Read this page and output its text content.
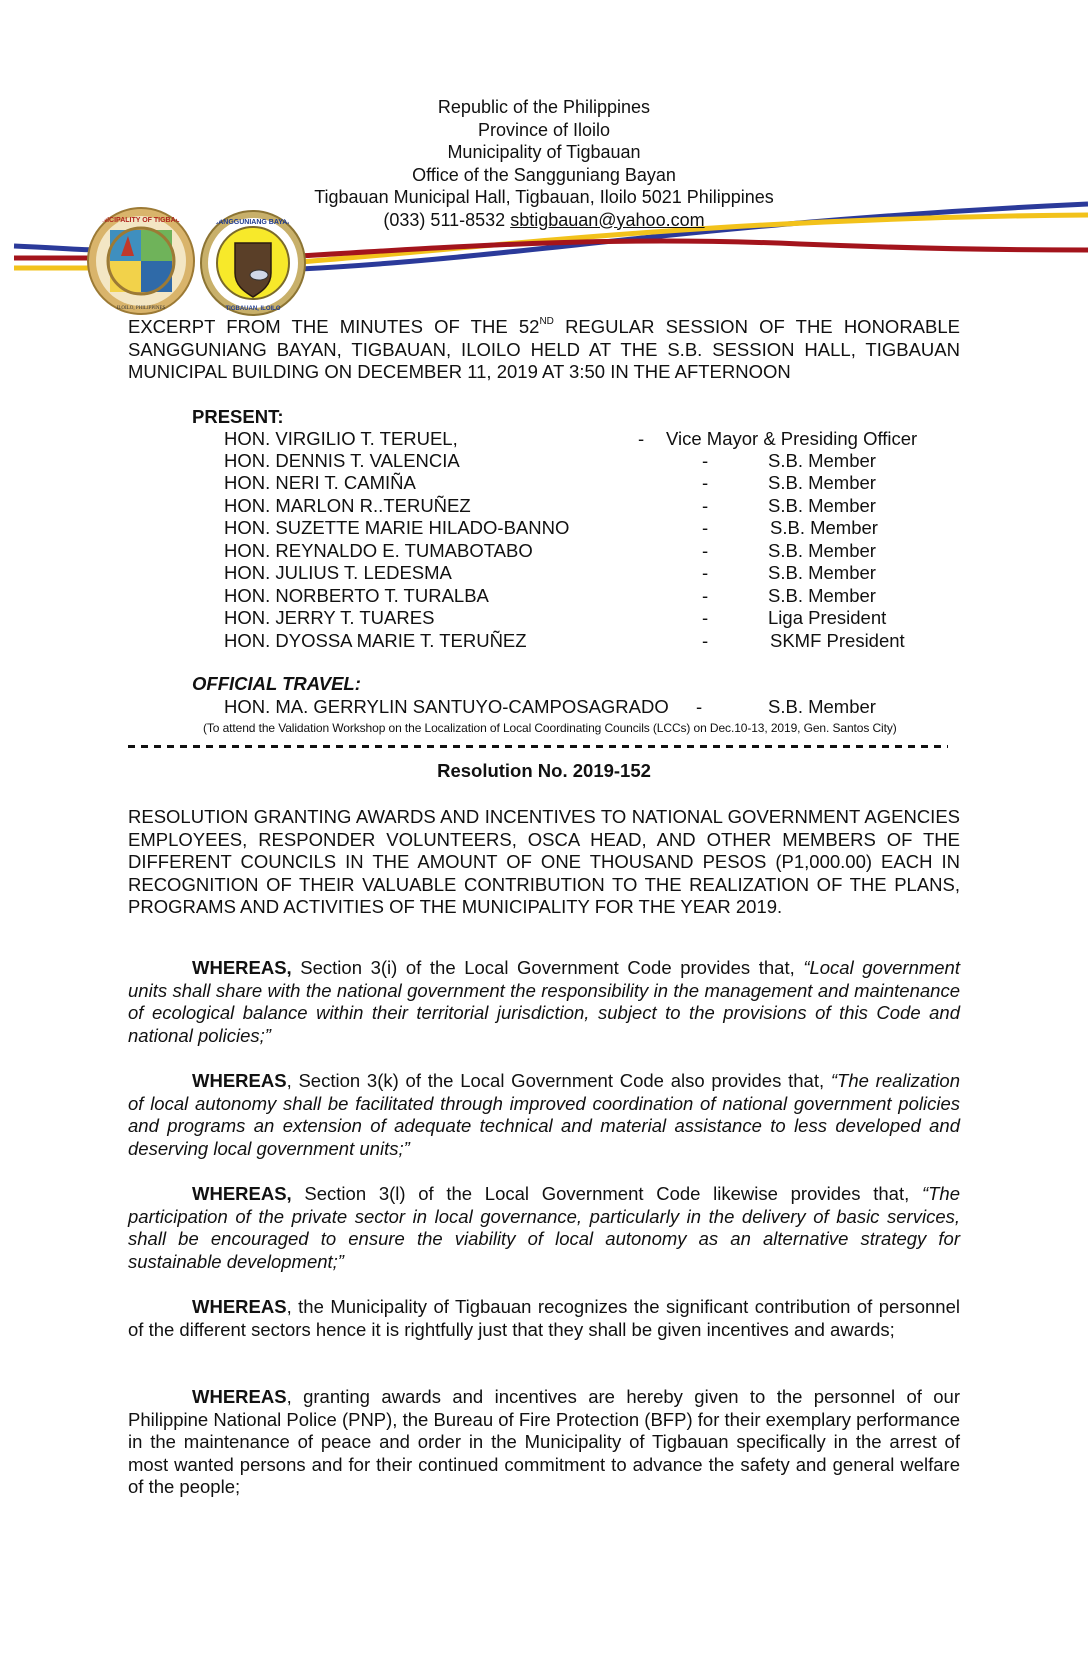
MUNICIPALITY OF TIGBAUAN
ILOILO, PHILIPPINES
SANGGUNIANG BAYAN
TIGBAUAN, ILOILO
Republic of the Philippines
Province of Iloilo
Municipality of Tigbauan
Office of the Sangguniang Bayan
Tigbauan Municipal Hall, Tigbauan, Iloilo 5021 Philippines
(033) 511-8532 sbtigbauan@yahoo.com
EXCERPT FROM THE MINUTES OF THE 52ND REGULAR SESSION OF THE HONORABLE SANGGUNIANG BAYAN, TIGBAUAN, ILOILO HELD AT THE S.B. SESSION HALL, TIGBAUAN MUNICIPAL BUILDING ON DECEMBER 11, 2019 AT 3:50 IN THE AFTERNOON
PRESENT:
HON. VIRGILIO T. TERUEL,	- Vice Mayor & Presiding Officer
HON. DENNIS T. VALENCIA	-	S.B. Member
HON. NERI T. CAMIÑA	-	S.B. Member
HON. MARLON R..TERUÑEZ	-	S.B. Member
HON. SUZETTE MARIE HILADO-BANNO	-	S.B. Member
HON. REYNALDO E. TUMABOTABO	-	S.B. Member
HON. JULIUS T. LEDESMA	-	S.B. Member
HON. NORBERTO T. TURALBA	-	S.B. Member
HON. JERRY T. TUARES	-	Liga President
HON. DYOSSA MARIE T. TERUÑEZ	-	SKMF President
OFFICIAL TRAVEL:
HON. MA. GERRYLIN SANTUYO-CAMPOSAGRADO -	S.B. Member
(To attend the Validation Workshop on the Localization of Local Coordinating Councils (LCCs) on Dec.10-13, 2019, Gen. Santos City)
Resolution No. 2019-152
RESOLUTION GRANTING AWARDS AND INCENTIVES TO NATIONAL GOVERNMENT AGENCIES EMPLOYEES, RESPONDER VOLUNTEERS, OSCA HEAD, AND OTHER MEMBERS OF THE DIFFERENT COUNCILS IN THE AMOUNT OF ONE THOUSAND PESOS (P1,000.00) EACH IN RECOGNITION OF THEIR VALUABLE CONTRIBUTION TO THE REALIZATION OF THE PLANS, PROGRAMS AND ACTIVITIES OF THE MUNICIPALITY FOR THE YEAR 2019.
WHEREAS, Section 3(i) of the Local Government Code provides that, “Local government units shall share with the national government the responsibility in the management and maintenance of ecological balance within their territorial jurisdiction, subject to the provisions of this Code and national policies;”
WHEREAS, Section 3(k) of the Local Government Code also provides that, “The realization of local autonomy shall be facilitated through improved coordination of national government policies and programs an extension of adequate technical and material assistance to less developed and deserving local government units;”
WHEREAS, Section 3(l) of the Local Government Code likewise provides that, “The participation of the private sector in local governance, particularly in the delivery of basic services, shall be encouraged to ensure the viability of local autonomy as an alternative strategy for sustainable development;”
WHEREAS, the Municipality of Tigbauan recognizes the significant contribution of personnel of the different sectors hence it is rightfully just that they shall be given incentives and awards;
WHEREAS, granting awards and incentives are hereby given to the personnel of our Philippine National Police (PNP), the Bureau of Fire Protection (BFP) for their exemplary performance in the maintenance of peace and order in the Municipality of Tigbauan specifically in the arrest of most wanted persons and for their continued commitment to advance the safety and general welfare of the people;
